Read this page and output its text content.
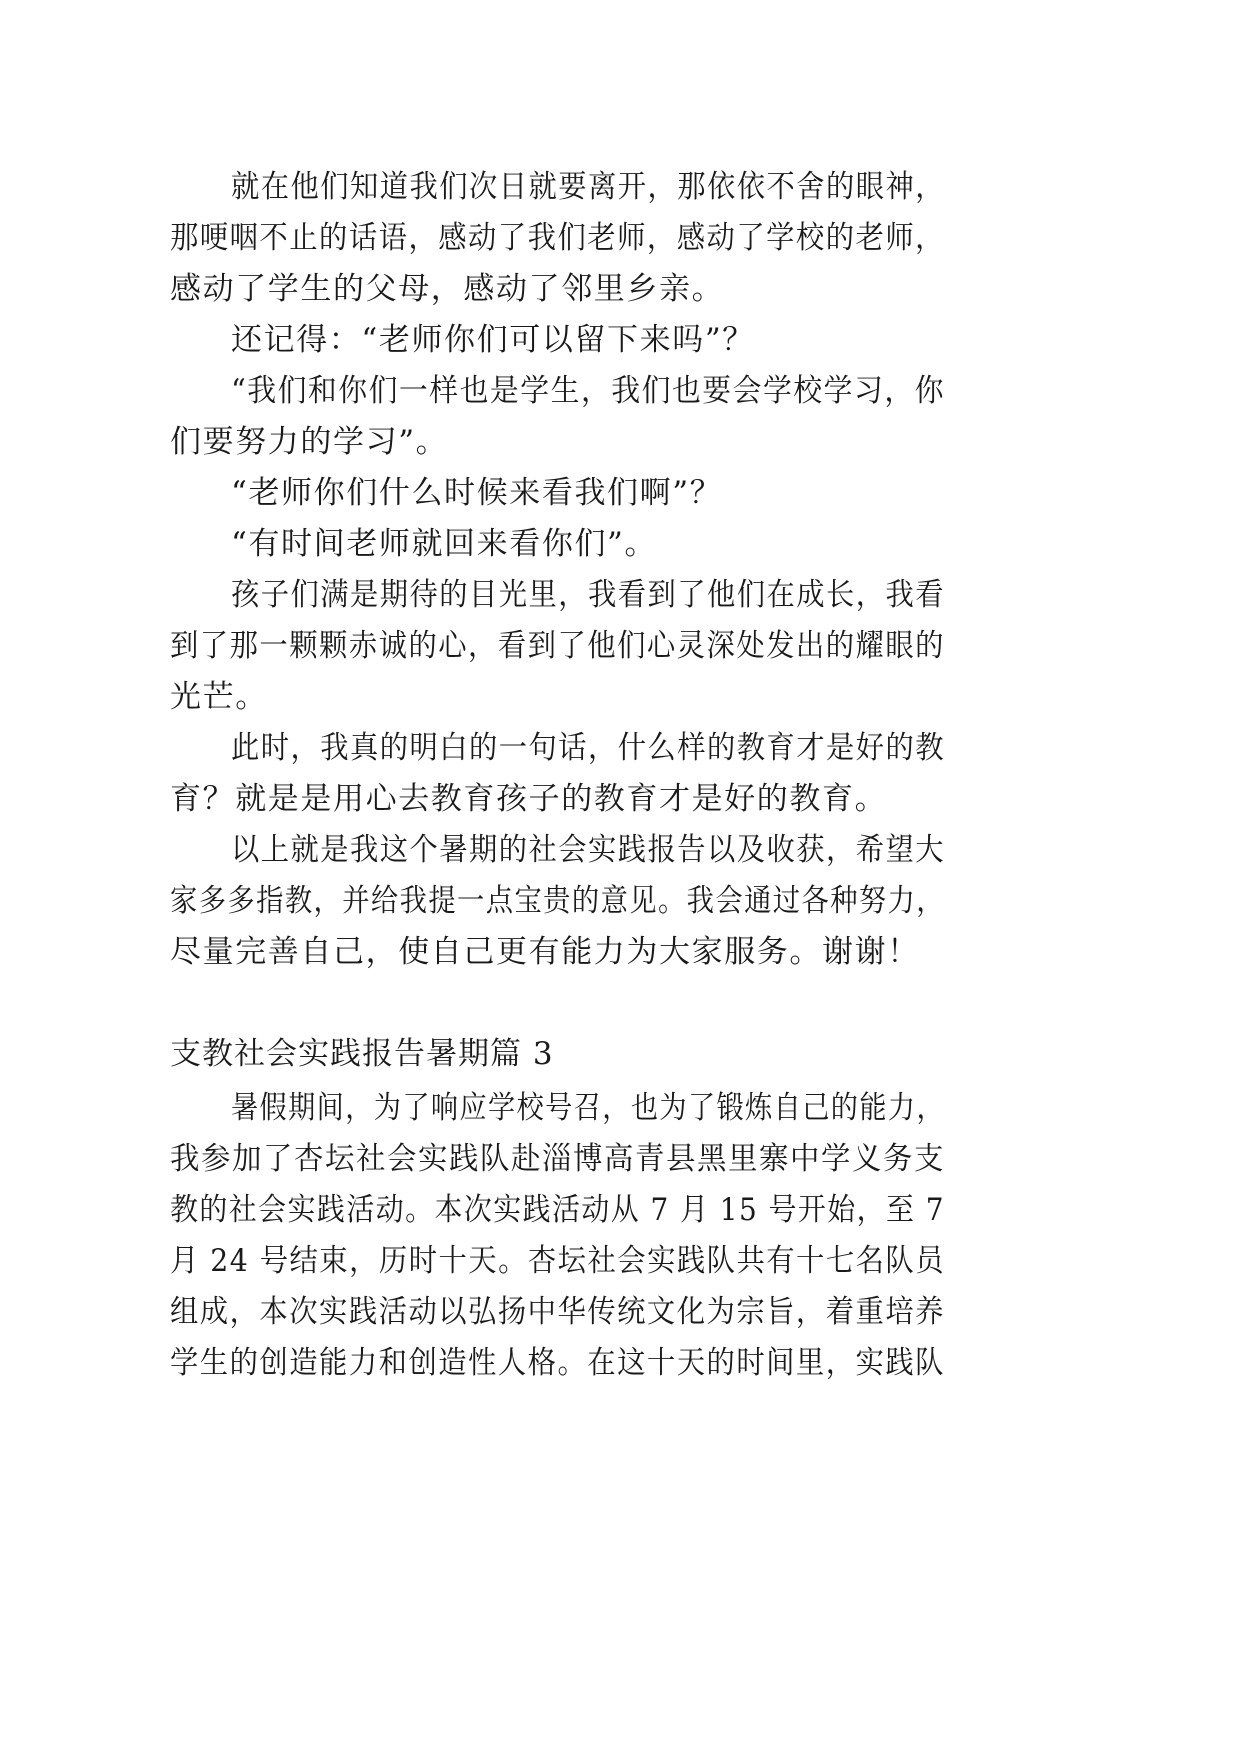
就在他们知道我们次日就要离开，那依依不舍的眼神，
那哽咽不止的话语，感动了我们老师，感动了学校的老师，
感动了学生的父母，感动了邻里乡亲。
还记得：“老师你们可以留下来吗”？
“我们和你们一样也是学生，我们也要会学校学习，你
们要努力的学习”。
“老师你们什么时候来看我们啊”？
“有时间老师就回来看你们”。
孩子们满是期待的目光里，我看到了他们在成长，我看
到了那一颗颗赤诚的心，看到了他们心灵深处发出的耀眼的
光芒。
此时，我真的明白的一句话，什么样的教育才是好的教
育？就是是用心去教育孩子的教育才是好的教育。
以上就是我这个暑期的社会实践报告以及收获，希望大
家多多指教，并给我提一点宝贵的意见。我会通过各种努力，
尽量完善自己，使自己更有能力为大家服务。谢谢！
支教社会实践报告暑期篇 3
暑假期间，为了响应学校号召，也为了锻炼自己的能力，
我参加了杏坛社会实践队赴淄博高青县黑里寨中学义务支
教的社会实践活动。本次实践活动从 7 月 15 号开始，至 7
月 24 号结束，历时十天。杏坛社会实践队共有十七名队员
组成，本次实践活动以弘扬中华传统文化为宗旨，着重培养
学生的创造能力和创造性人格。在这十天的时间里，实践队
